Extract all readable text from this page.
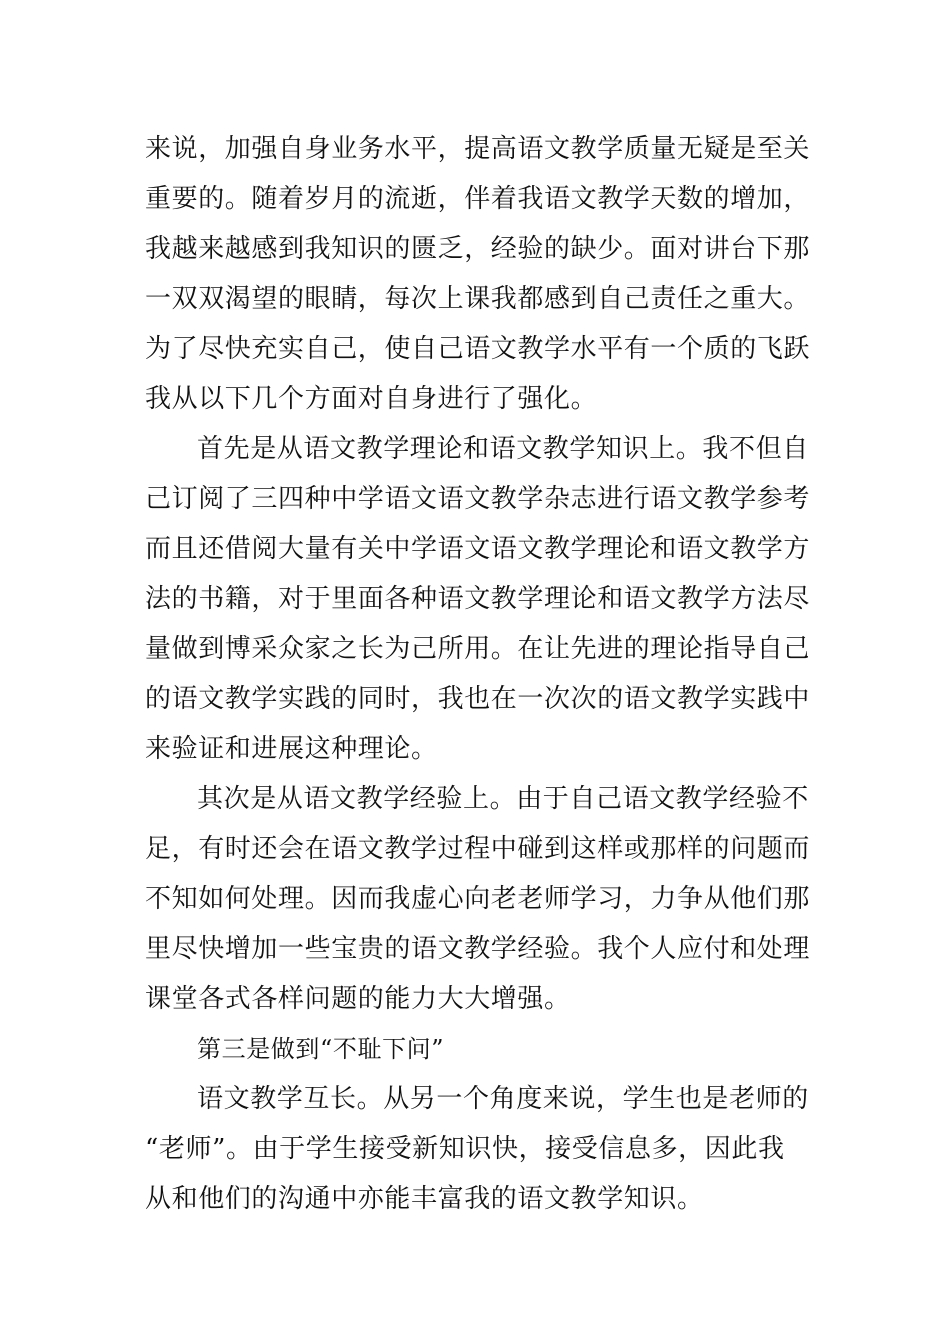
来说，加强自身业务水平，提高语文教学质量无疑是至关
重要的。随着岁月的流逝，伴着我语文教学天数的增加，
我越来越感到我知识的匮乏，经验的缺少。面对讲台下那
一双双渴望的眼睛，每次上课我都感到自己责任之重大。
为了尽快充实自己，使自己语文教学水平有一个质的飞跃
我从以下几个方面对自身进行了强化。
首先是从语文教学理论和语文教学知识上。我不但自
己订阅了三四种中学语文语文教学杂志进行语文教学参考
而且还借阅大量有关中学语文语文教学理论和语文教学方
法的书籍，对于里面各种语文教学理论和语文教学方法尽
量做到博采众家之长为己所用。在让先进的理论指导自己
的语文教学实践的同时，我也在一次次的语文教学实践中
来验证和进展这种理论。
其次是从语文教学经验上。由于自己语文教学经验不
足，有时还会在语文教学过程中碰到这样或那样的问题而
不知如何处理。因而我虚心向老老师学习，力争从他们那
里尽快增加一些宝贵的语文教学经验。我个人应付和处理
课堂各式各样问题的能力大大增强。
第三是做到“不耻下问”
语文教学互长。从另一个角度来说，学生也是老师的
“老师”。由于学生接受新知识快，接受信息多，因此我
从和他们的沟通中亦能丰富我的语文教学知识。
